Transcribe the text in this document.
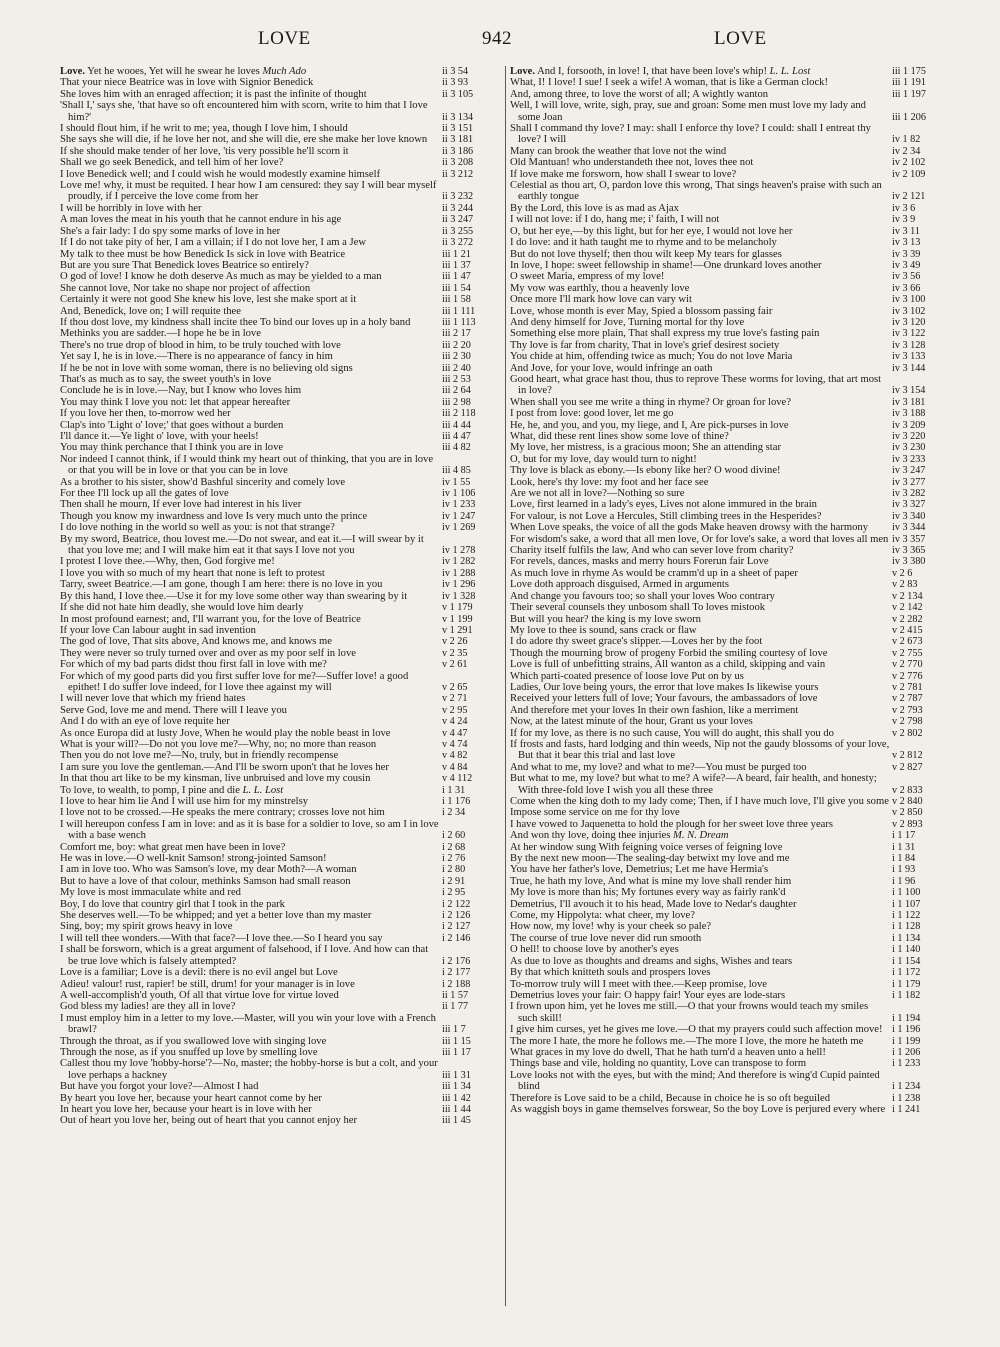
LOVE	942	LOVE
Love. Yet he wooes, Yet will he swear he loves Much Ado	ii 3 54
That your niece Beatrice was in love with Signior Benedick	ii 3 93
She loves him with an enraged affection; it is past the infinite of thought	ii 3 105
'Shall I,' says she, 'that have so oft encountered him with scorn, write to him that I love him?'	ii 3 134
I should flout him, if he writ to me; yea, though I love him, I should	ii 3 151
She says she will die, if he love her not, and she will die, ere she make her love known ii 3 181
If she should make tender of her love, 'tis very possible he'll scorn it	ii 3 186
Shall we go seek Benedick, and tell him of her love?	ii 3 208
I love Benedick well; and I could wish he would modestly examine himself	ii 3 212
Love me! why, it must be requited. I hear how I am censured: they say I will bear myself proudly, if I perceive the love come from her	ii 3 232
I will be horribly in love with her	ii 3 244
A man loves the meat in his youth that he cannot endure in his age	ii 3 247
She's a fair lady: I do spy some marks of love in her	ii 3 255
If I do not take pity of her, I am a villain; if I do not love her, I am a Jew	ii 3 272
My talk to thee must be how Benedick Is sick in love with Beatrice	iii 1 21
But are you sure That Benedick loves Beatrice so entirely?	iii 1 37
O god of love! I know he doth deserve As much as may be yielded to a man	iii 1 47
She cannot love, Nor take no shape nor project of affection	iii 1 54
Certainly it were not good She knew his love, lest she make sport at it	iii 1 58
And, Benedick, love on; I will requite thee	iii 1 111
If thou dost love, my kindness shall incite thee To bind our loves up in a holy band	iii 1 113
Methinks you are sadder.—I hope he be in love	iii 2 17
There's no true drop of blood in him, to be truly touched with love	iii 2 20
Yet say I, he is in love.—There is no appearance of fancy in him	iii 2 30
If he be not in love with some woman, there is no believing old signs	iii 2 40
That's as much as to say, the sweet youth's in love	iii 2 53
Conclude he is in love.—Nay, but I know who loves him	iii 2 64
You may think I love you not: let that appear hereafter	iii 2 98
If you love her then, to-morrow wed her	iii 2 118
Clap's into 'Light o' love;' that goes without a burden	iii 4 44
I'll dance it.—Ye light o' love, with your heels!	iii 4 47
You may think perchance that I think you are in love	iii 4 82
Nor indeed I cannot think, if I would think my heart out of thinking, that you are in love or that you will be in love or that you can be in love	iii 4 85
As a brother to his sister, show'd Bashful sincerity and comely love	iv 1 55
For thee I'll lock up all the gates of love	iv 1 106
Then shall he mourn, If ever love had interest in his liver	iv 1 233
Though you know my inwardness and love Is very much unto the prince	iv 1 247
I do love nothing in the world so well as you: is not that strange?	iv 1 269
By my sword, Beatrice, thou lovest me.—Do not swear, and eat it.—I will swear by it that you love me; and I will make him eat it that says I love not you	iv 1 278
I protest I love thee.—Why, then, God forgive me!	iv 1 282
I love you with so much of my heart that none is left to protest	iv 1 288
Tarry, sweet Beatrice.—I am gone, though I am here: there is no love in you	iv 1 296
By this hand, I love thee.—Use it for my love some other way than swearing by it	iv 1 328
If she did not hate him deadly, she would love him dearly	v 1 179
In most profound earnest; and, I'll warrant you, for the love of Beatrice	v 1 199
If your love Can labour aught in sad invention	v 1 291
The god of love, That sits above, And knows me, and knows me	v 2 26
They were never so truly turned over and over as my poor self in love	v 2 35
For which of my bad parts didst thou first fall in love with me?	v 2 61
For which of my good parts did you first suffer love for me?—Suffer love! a good epithet! I do suffer love indeed, for I love thee against my will	v 2 65
I will never love that which my friend hates	v 2 71
Serve God, love me and mend. There will I leave you	v 2 95
And I do with an eye of love requite her	v 4 24
As once Europa did at lusty Jove, When he would play the noble beast in love	v 4 47
What is your will?—Do not you love me?—Why, no; no more than reason	v 4 74
Then you do not love me?—No, truly, but in friendly recompense	v 4 82
I am sure you love the gentleman.—And I'll be sworn upon't that he loves her	v 4 84
In that thou art like to be my kinsman, live unbruised and love my cousin	v 4 112
To love, to wealth, to pomp, I pine and die L. L. Lost	i 1 31
I love to hear him lie And I will use him for my minstrelsy	i 1 176
I love not to be crossed.—He speaks the mere contrary; crosses love not him	i 2 34
I will hereupon confess I am in love: and as it is base for a soldier to love, so am I in love with a base wench	i 2 60
Comfort me, boy: what great men have been in love?	i 2 68
He was in love.—O well-knit Samson! strong-jointed Samson!	i 2 76
I am in love too. Who was Samson's love, my dear Moth?—A woman	i 2 80
But to have a love of that colour, methinks Samson had small reason	i 2 91
My love is most immaculate white and red	i 2 95
Boy, I do love that country girl that I took in the park	i 2 122
She deserves well.—To be whipped; and yet a better love than my master	i 2 126
Sing, boy; my spirit grows heavy in love	i 2 127
I will tell thee wonders.—With that face?—I love thee.—So I heard you say	i 2 146
I shall be forsworn, which is a great argument of falsehood, if I love. And how can that be true love which is falsely attempted?	i 2 176
Love is a familiar; Love is a devil: there is no evil angel but Love	i 2 177
Adieu! valour! rust, rapier! be still, drum! for your manager is in love	i 2 188
A well-accomplish'd youth, Of all that virtue love for virtue loved	ii 1 57
God bless my ladies! are they all in love?	ii 1 77
I must employ him in a letter to my love.—Master, will you win your love with a French brawl?	iii 1 7
Through the throat, as if you swallowed love with singing love	iii 1 15
Through the nose, as if you snuffed up love by smelling love	iii 1 17
Callest thou my love 'hobby-horse'?—No, master; the hobby-horse is but a colt, and your love perhaps a hackney	iii 1 31
But have you forgot your love?—Almost I had	iii 1 34
By heart you love her, because your heart cannot come by her	iii 1 42
In heart you love her, because your heart is in love with her	iii 1 44
Out of heart you love her, being out of heart that you cannot enjoy her	iii 1 45
Love. And I, forsooth, in love! I, that have been love's whip! L. L. Lost	iii 1 175
What, I! I love! I sue! I seek a wife! A woman, that is like a German clock!	iii 1 191
And, among three, to love the worst of all; A wightly wanton	iii 1 197
Well, I will love, write, sigh, pray, sue and groan: Some men must love my lady and some Joan	iii 1 206
Shall I command thy love? I may: shall I enforce thy love? I could: shall I entreat thy love? I will	iv 1 82
Many can brook the weather that love not the wind	iv 2 34
Old Mantuan! who understandeth thee not, loves thee not	iv 2 102
If love make me forsworn, how shall I swear to love?	iv 2 109
Celestial as thou art, O, pardon love this wrong, That sings heaven's praise with such an earthly tongue	iv 2 121
By the Lord, this love is as mad as Ajax	iv 3 6
I will not love: if I do, hang me; i' faith, I will not	iv 3 9
O, but her eye,—by this light, but for her eye, I would not love her	iv 3 11
I do love: and it hath taught me to rhyme and to be melancholy	iv 3 13
But do not love thyself; then thou wilt keep My tears for glasses	iv 3 39
In love, I hope: sweet fellowship in shame!—One drunkard loves another	iv 3 49
O sweet Maria, empress of my love!	iv 3 56
My vow was earthly, thou a heavenly love	iv 3 66
Once more I'll mark how love can vary wit	iv 3 100
Love, whose month is ever May, Spied a blossom passing fair	iv 3 102
And deny himself for Jove, Turning mortal for thy love	iv 3 120
Something else more plain, That shall express my true love's fasting pain	iv 3 122
Thy love is far from charity, That in love's grief desirest society	iv 3 128
You chide at him, offending twice as much; You do not love Maria	iv 3 133
And Jove, for your love, would infringe an oath	iv 3 144
Good heart, what grace hast thou, thus to reprove These worms for loving, that art most in love?	iv 3 154
When shall you see me write a thing in rhyme? Or groan for love?	iv 3 181
I post from love: good lover, let me go	iv 3 188
He, he, and you, and you, my liege, and I, Are pick-purses in love	iv 3 209
What, did these rent lines show some love of thine?	iv 3 220
My love, her mistress, is a gracious moon; She an attending star	iv 3 230
O, but for my love, day would turn to night!	iv 3 233
Thy love is black as ebony.—Is ebony like her? O wood divine!	iv 3 247
Look, here's thy love: my foot and her face see	iv 3 277
Are we not all in love?—Nothing so sure	iv 3 282
Love, first learned in a lady's eyes, Lives not alone immured in the brain	iv 3 327
For valour, is not Love a Hercules, Still climbing trees in the Hesperides?	iv 3 340
When Love speaks, the voice of all the gods Make heaven drowsy with the harmony iv 3 344
For wisdom's sake, a word that all men love, Or for love's sake, a word that loves all men iv 3 357
Charity itself fulfils the law, And who can sever love from charity?	iv 3 365
For revels, dances, masks and merry hours Forerun fair Love	iv 3 380
As much love in rhyme As would be cramm'd up in a sheet of paper	v 2 6
Love doth approach disguised, Armed in arguments	v 2 83
And change you favours too; so shall your loves Woo contrary	v 2 134
Their several counsels they unbosom shall To loves mistook	v 2 142
But will you hear? the king is my love sworn	v 2 282
My love to thee is sound, sans crack or flaw	v 2 415
I do adore thy sweet grace's slipper.—Loves her by the foot	v 2 673
Though the mourning brow of progeny Forbid the smiling courtesy of love	v 2 755
Love is full of unbefitting strains, All wanton as a child, skipping and vain	v 2 770
Which parti-coated presence of loose love Put on by us	v 2 776
Ladies, Our love being yours, the error that love makes Is likewise yours	v 2 781
Received your letters full of love; Your favours, the ambassadors of love	v 2 787
And therefore met your loves In their own fashion, like a merriment	v 2 793
Now, at the latest minute of the hour, Grant us your loves	v 2 798
If for my love, as there is no such cause, You will do aught, this shall you do	v 2 802
If frosts and fasts, hard lodging and thin weeds, Nip not the gaudy blossoms of your love, But that it bear this trial and last love	v 2 812
And what to me, my love? and what to me?—You must be purged too	v 2 827
But what to me, my love? but what to me? A wife?—A beard, fair health, and honesty; With three-fold love I wish you all these three	v 2 833
Come when the king doth to my lady come; Then, if I have much love, I'll give you some v 2 840
Impose some service on me for thy love	v 2 850
I have vowed to Jaquenetta to hold the plough for her sweet love three years	v 2 893
And won thy love, doing thee injuries M. N. Dream	i 1 17
At her window sung With feigning voice verses of feigning love	i 1 31
By the next new moon—The sealing-day betwixt my love and me	i 1 84
You have her father's love, Demetrius; Let me have Hermia's	i 1 93
True, he hath my love, And what is mine my love shall render him	i 1 96
My love is more than his; My fortunes every way as fairly rank'd	i 1 100
Demetrius, I'll avouch it to his head, Made love to Nedar's daughter	i 1 107
Come, my Hippolyta: what cheer, my love?	i 1 122
How now, my love! why is your cheek so pale?	i 1 128
The course of true love never did run smooth	i 1 134
O hell! to choose love by another's eyes	i 1 140
As due to love as thoughts and dreams and sighs, Wishes and tears	i 1 154
By that which knitteth souls and prospers loves	i 1 172
To-morrow truly will I meet with thee.—Keep promise, love	i 1 179
Demetrius loves your fair: O happy fair! Your eyes are lode-stars	i 1 182
I frown upon him, yet he loves me still.—O that your frowns would teach my smiles such skill!	i 1 194
I give him curses, yet he gives me love.—O that my prayers could such affection move! i 1 196
The more I hate, the more he follows me.—The more I love, the more he hateth me	i 1 199
What graces in my love do dwell, That he hath turn'd a heaven unto a hell!	i 1 206
Things base and vile, holding no quantity, Love can transpose to form	i 1 233
Love looks not with the eyes, but with the mind; And therefore is wing'd Cupid painted blind	i 1 234
Therefore is Love said to be a child, Because in choice he is so oft beguiled	i 1 238
As waggish boys in game themselves forswear, So the boy Love is perjured every where i 1 241
